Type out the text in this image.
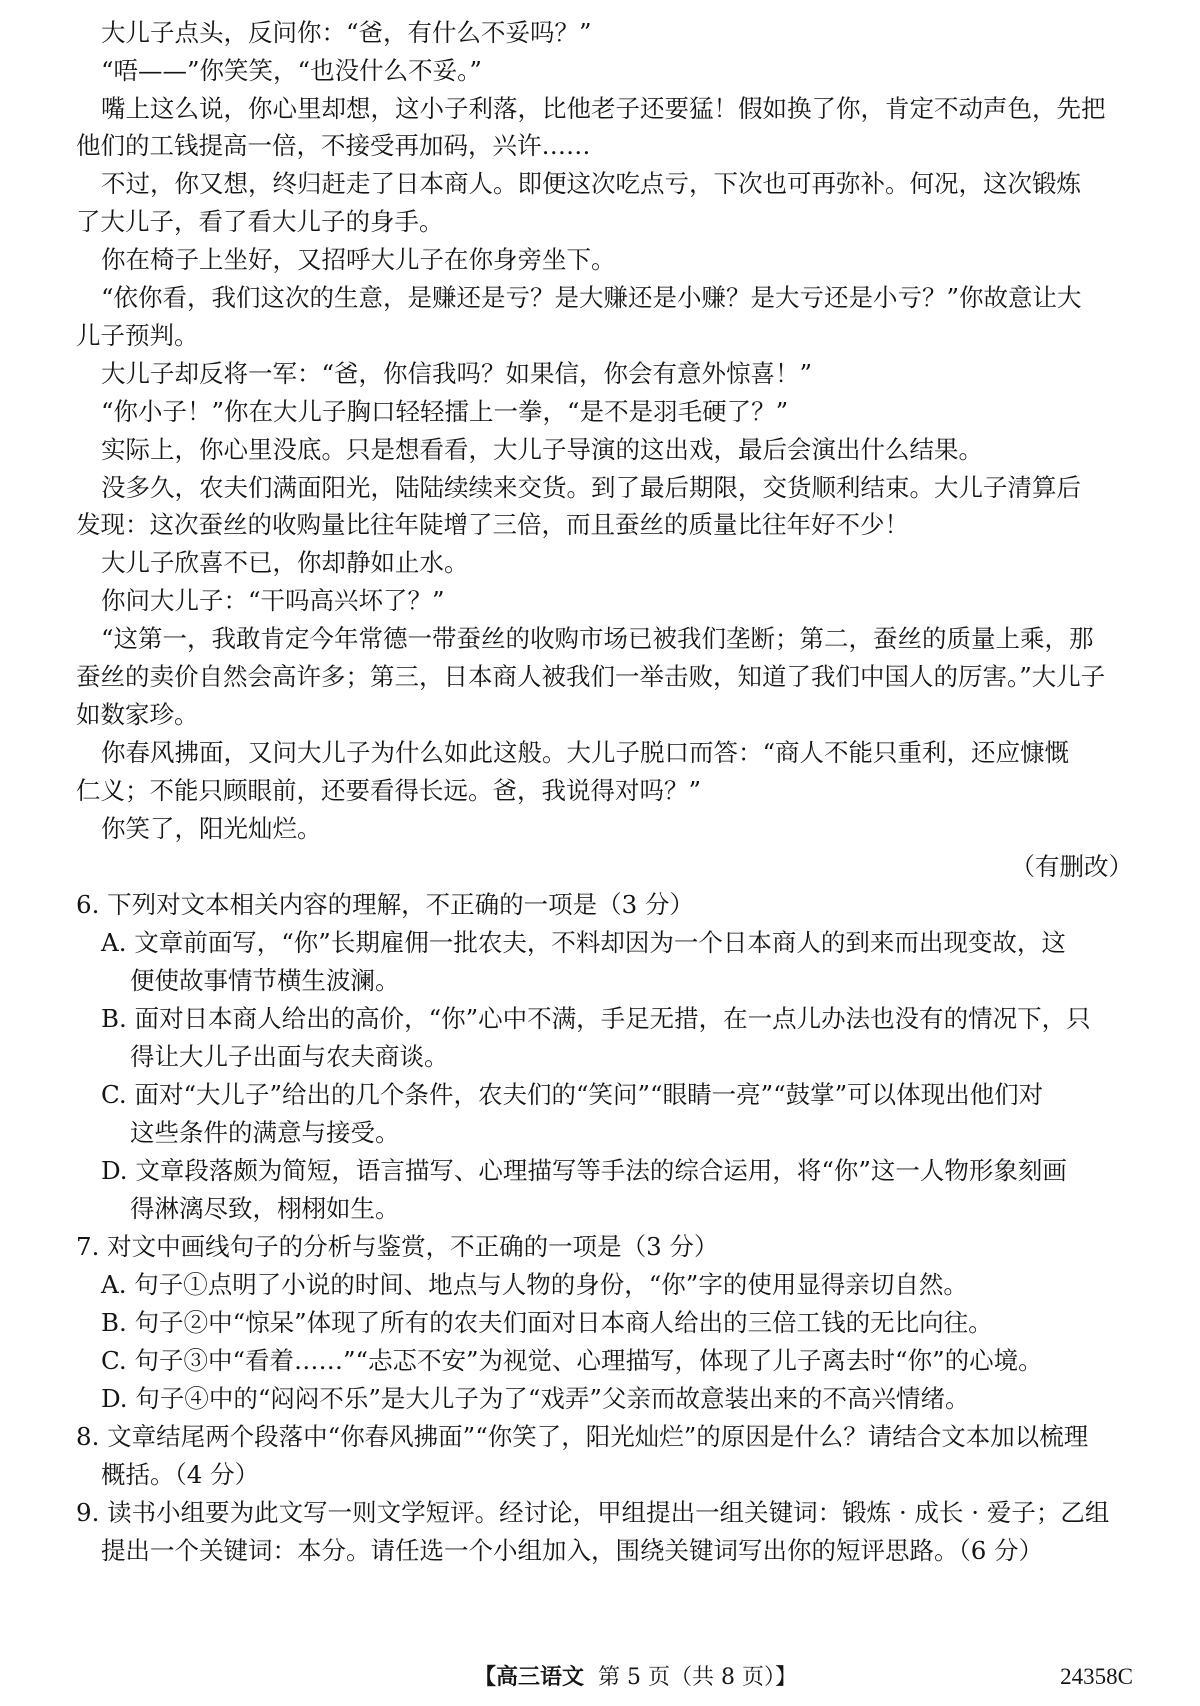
大儿子点头，反问你：“爸，有什么不妥吗？”

“唔——”你笑笑，“也没什么不妥。”

嘴上这么说，你心里却想，这小子利落，比他老子还要猛！假如换了你，肯定不动声色，先把

他们的工钱提高一倍，不接受再加码，兴许……

不过，你又想，终归赶走了日本商人。即便这次吃点亏，下次也可再弥补。何况，这次锻炼

了大儿子，看了看大儿子的身手。

你在椅子上坐好，又招呼大儿子在你身旁坐下。

“依你看，我们这次的生意，是赚还是亏？是大赚还是小赚？是大亏还是小亏？”你故意让大

儿子预判。

大儿子却反将一军：“爸，你信我吗？如果信，你会有意外惊喜！”

“你小子！”你在大儿子胸口轻轻擂上一拳，“是不是羽毛硬了？”

实际上，你心里没底。只是想看看，大儿子导演的这出戏，最后会演出什么结果。

没多久，农夫们满面阳光，陆陆续续来交货。到了最后期限，交货顺利结束。大儿子清算后

发现：这次蚕丝的收购量比往年陡增了三倍，而且蚕丝的质量比往年好不少！

大儿子欣喜不已，你却静如止水。

你问大儿子：“干吗高兴坏了？”

“这第一，我敢肯定今年常德一带蚕丝的收购市场已被我们垄断；第二，蚕丝的质量上乘，那

蚕丝的卖价自然会高许多；第三，日本商人被我们一举击败，知道了我们中国人的厉害。”大儿子

如数家珍。

你春风拂面，又问大儿子为什么如此这般。大儿子脱口而答：“商人不能只重利，还应慷慨

仁义；不能只顾眼前，还要看得长远。爸，我说得对吗？”

你笑了，阳光灿烂。

（有删改）

6. 下列对文本相关内容的理解，不正确的一项是（3 分）

A. 文章前面写，“你”长期雇佣一批农夫，不料却因为一个日本商人的到来而出现变故，这

便使故事情节横生波澜。

B. 面对日本商人给出的高价，“你”心中不满，手足无措，在一点儿办法也没有的情况下，只

得让大儿子出面与农夫商谈。

C. 面对“大儿子”给出的几个条件，农夫们的“笑问”“眼睛一亮”“鼓掌”可以体现出他们对

这些条件的满意与接受。

D. 文章段落颇为简短，语言描写、心理描写等手法的综合运用，将“你”这一人物形象刻画

得淋漓尽致，栩栩如生。

7. 对文中画线句子的分析与鉴赏，不正确的一项是（3 分）

A. 句子①点明了小说的时间、地点与人物的身份，“你”字的使用显得亲切自然。

B. 句子②中“惊呆”体现了所有的农夫们面对日本商人给出的三倍工钱的无比向往。

C. 句子③中“看着……”“忐忑不安”为视觉、心理描写，体现了儿子离去时“你”的心境。

D. 句子④中的“闷闷不乐”是大儿子为了“戏弄”父亲而故意装出来的不高兴情绪。

8. 文章结尾两个段落中“你春风拂面”“你笑了，阳光灿烂”的原因是什么？请结合文本加以梳理

概括。（4 分）

9. 读书小组要为此文写一则文学短评。经讨论，甲组提出一组关键词：锻炼 · 成长 · 爱子；乙组

提出一个关键词：本分。请任选一个小组加入，围绕关键词写出你的短评思路。（6 分）

【高三语文 第 5 页（共 8 页）】	24358C
